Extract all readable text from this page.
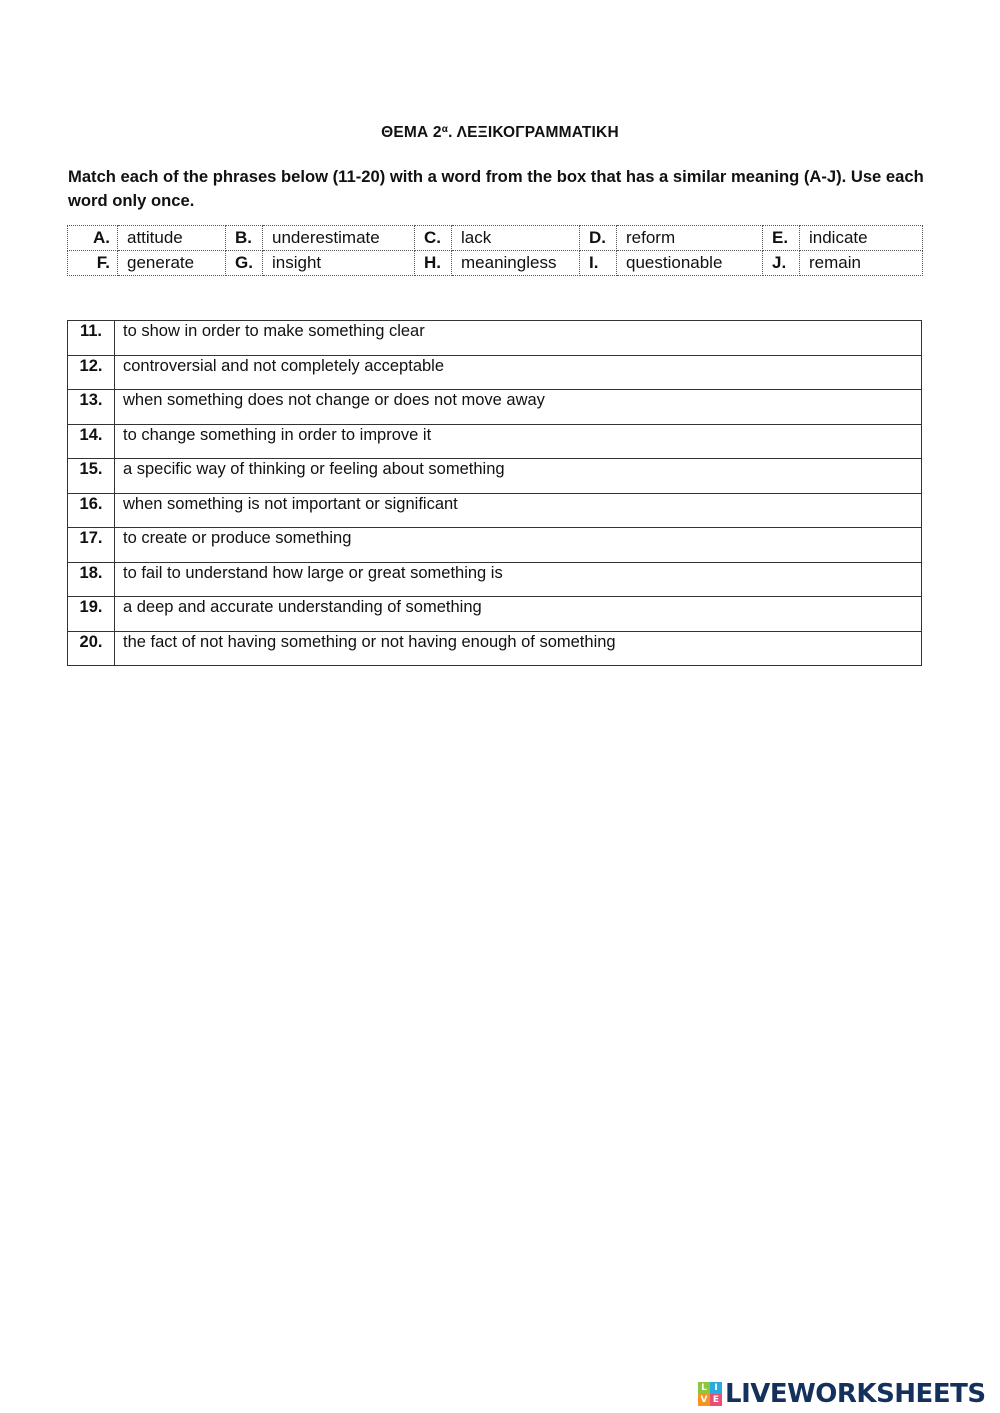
ΘΕΜΑ $2^\alpha$. ΛΕΞΙΚΟΓΡΑΜΜΑΤΙΚΗ
Match each of the phrases below (11-20) with a word from the box that has a similar meaning (A-J). Use each word only once.
A.	attitude	B.	underestimate	C.	lack	D.	reform	E.	indicate
F.	generate	G.	insight	H.	meaningless	I.	questionable	J.	remain
11.	to show in order to make something clear
12.	controversial and not completely acceptable
13.	when something does not change or does not move away
14.	to change something in order to improve it
15.	a specific way of thinking or feeling about something
16.	when something is not important or significant
17.	to create or produce something
18.	to fail to understand how large or great something is
19.	a deep and accurate understanding of something
20.	the fact of not having something or not having enough of something
L I
V E LIVEWORKSHEETS
